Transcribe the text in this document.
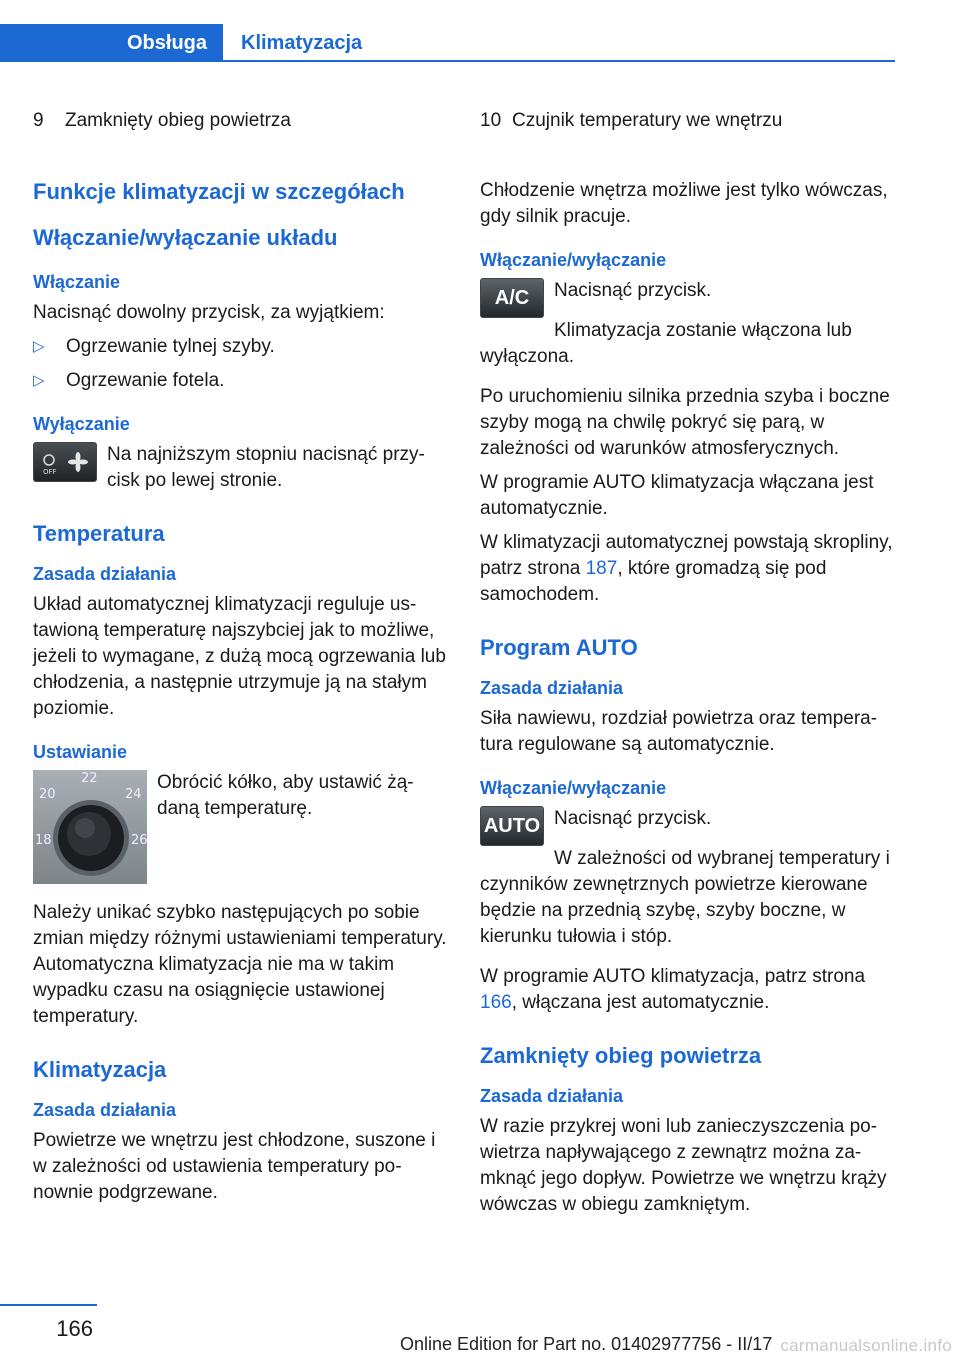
Obsługa	Klimatyzacja
9	Zamknięty obieg powietrza
Funkcje klimatyzacji w szczegółach
Włączanie/wyłączanie układu
Włączanie

Nacisnąć dowolny przycisk, za wyjątkiem:

▷ Ogrzewanie tylnej szyby.
▷ Ogrzewanie fotela.
Wyłączanie
OFF
Na najniższym stopniu nacisnąć przycisk po lewej stronie.
Temperatura
Zasada działania

Układ automatycznej klimatyzacji reguluje ustawioną temperaturę najszybciej jak to możliwe, jeżeli to wymagane, z dużą mocą ogrzewania lub chłodzenia, a następnie utrzymuje ją na stałym poziomie.

Ustawianie
22
20	24
18	26
Obrócić kółko, aby ustawić żądaną temperaturę.

Należy unikać szybko następujących po sobie zmian między różnymi ustawieniami temperatury. Automatyczna klimatyzacja nie ma w takim wypadku czasu na osiągnięcie ustawionej temperatury.

Klimatyzacja
Zasada działania

Powietrze we wnętrzu jest chłodzone, suszone i w zależności od ustawienia temperatury ponownie podgrzewane.

10 Czujnik temperatury we wnętrzu

Chłodzenie wnętrza możliwe jest tylko wówczas, gdy silnik pracuje.

Włączanie/wyłączanie
A/C	Nacisnąć przycisk.

Klimatyzacja zostanie włączona lub wyłączona.

Po uruchomieniu silnika przednia szyba i boczne szyby mogą na chwilę pokryć się parą, w zależności od warunków atmosferycznych.

W programie AUTO klimatyzacja włączana jest automatycznie.

W klimatyzacji automatycznej powstają skropliny, patrz strona 187, które gromadzą się pod samochodem.

Program AUTO
Zasada działania

Siła nawiewu, rozdział powietrza oraz temperatura regulowane są automatycznie.

Włączanie/wyłączanie
AUTO Nacisnąć przycisk.

W zależności od wybranej temperatury i czynników zewnętrznych powietrze kierowane będzie na przednią szybę, szyby boczne, w kierunku tułowia i stóp.

W programie AUTO klimatyzacja, patrz strona 166, włączana jest automatycznie.

Zamknięty obieg powietrza
Zasada działania

W razie przykrej woni lub zanieczyszczenia powietrza napływającego z zewnątrz można zamknąć jego dopływ. Powietrze we wnętrzu krąży wówczas w obiegu zamkniętym.

166
Online Edition for Part no. 01402977756 - II/17 carmanualsonline.info
